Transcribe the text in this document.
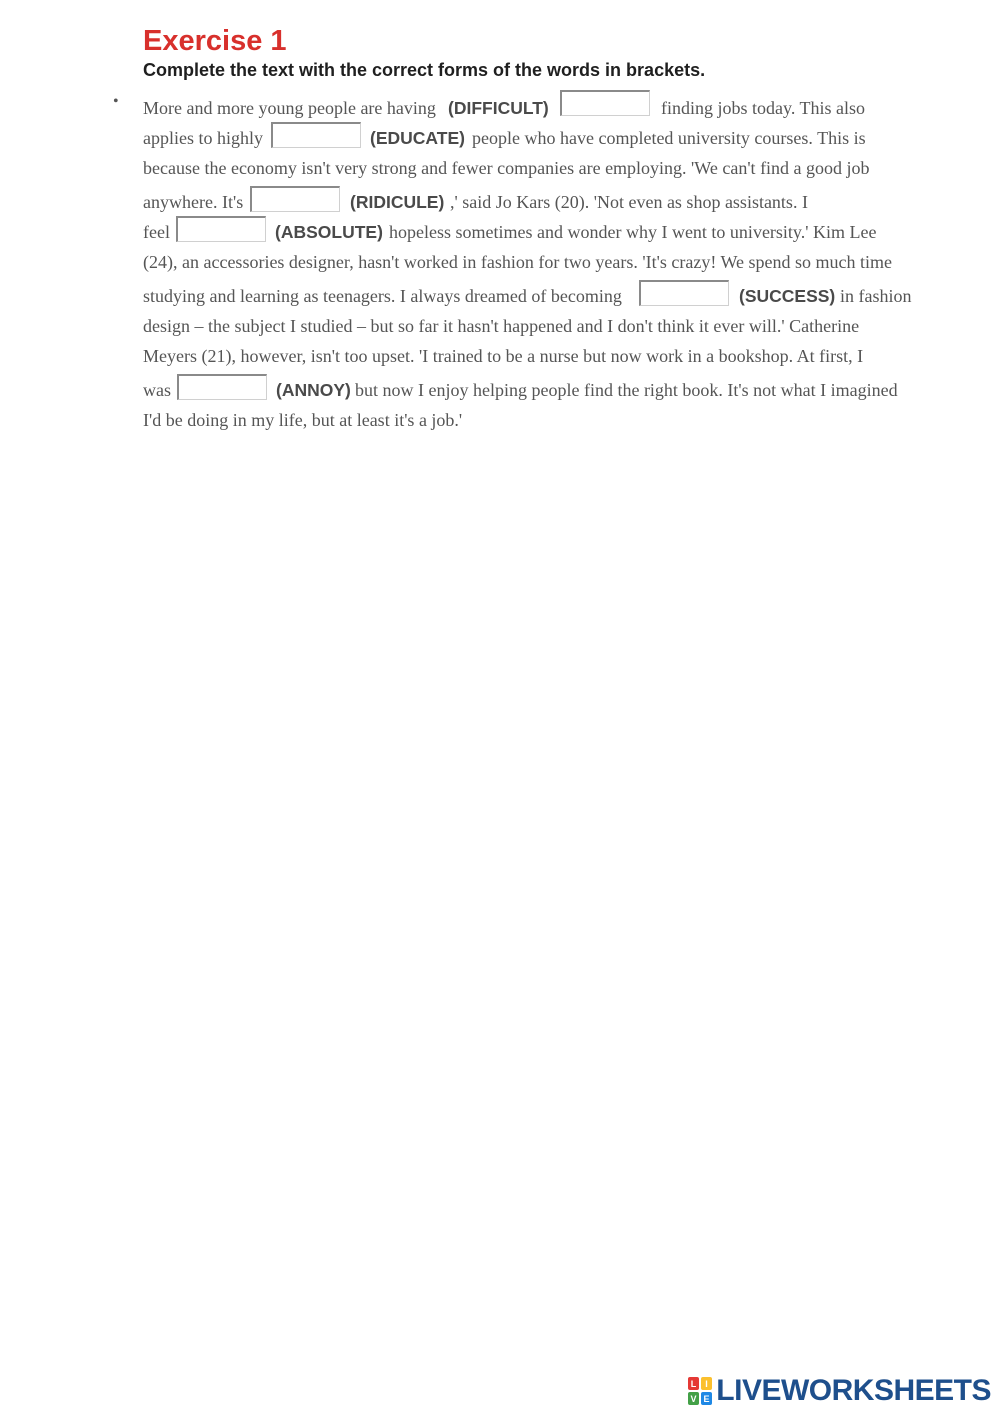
Exercise 1

Complete the text with the correct forms of the words in brackets.

• More and more young people are having (DIFFICULT)	finding jobs today. This also
applies to highly	(EDUCATE) people who have completed university courses. This is
because the economy isn't very strong and fewer companies are employing. 'We can't find a good job
anywhere. It's	(RIDICULE) ,' said Jo Kars (20). 'Not even as shop assistants. I
feel	(ABSOLUTE) hopeless sometimes and wonder why I went to university.' Kim Lee
(24), an accessories designer, hasn't worked in fashion for two years. 'It's crazy! We spend so much time
studying and learning as teenagers. I always dreamed of becoming	(SUCCESS) in fashion
design – the subject I studied – but so far it hasn't happened and I don't think it ever will.' Catherine
Meyers (21), however, isn't too upset. 'I trained to be a nurse but now work in a bookshop. At first, I
was	(ANNOY) but now I enjoy helping people find the right book. It's not what I imagined
I'd be doing in my life, but at least it's a job.'
L I
V E LIVEWORKSHEETS
